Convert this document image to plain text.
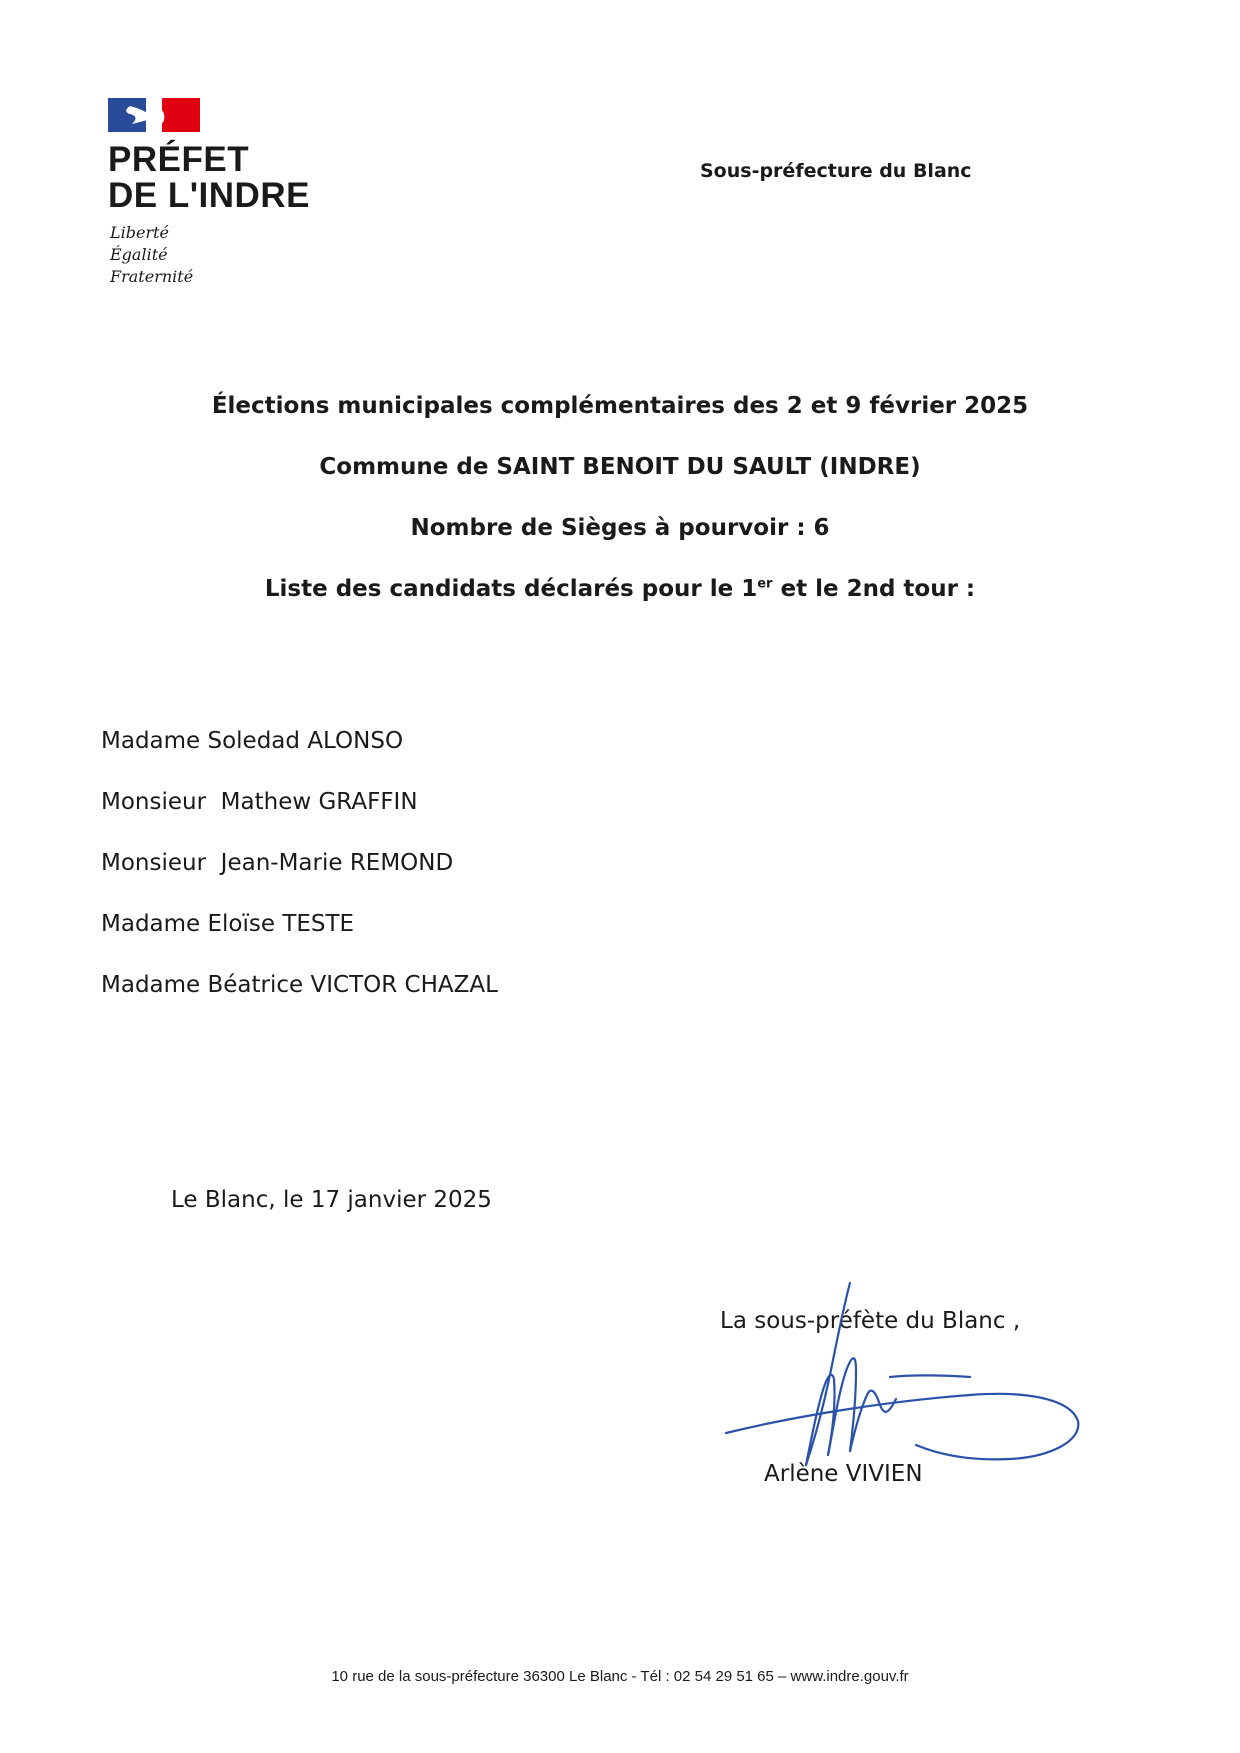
PRÉFET
DE L'INDRE
Liberté
Égalité
Fraternité
Sous-préfecture du Blanc
Élections municipales complémentaires des 2 et 9 février 2025
Commune de SAINT BENOIT DU SAULT (INDRE)
Nombre de Sièges à pourvoir : 6
Liste des candidats déclarés pour le 1er et le 2nd tour :
Madame Soledad ALONSO
Monsieur  Mathew GRAFFIN
Monsieur  Jean-Marie REMOND
Madame Eloïse TESTE
Madame Béatrice VICTOR CHAZAL
Le Blanc, le 17 janvier 2025
La sous-préfète du Blanc ,
Arlène VIVIEN
10 rue de la sous-préfecture 36300 Le Blanc - Tél : 02 54 29 51 65 – www.indre.gouv.fr
